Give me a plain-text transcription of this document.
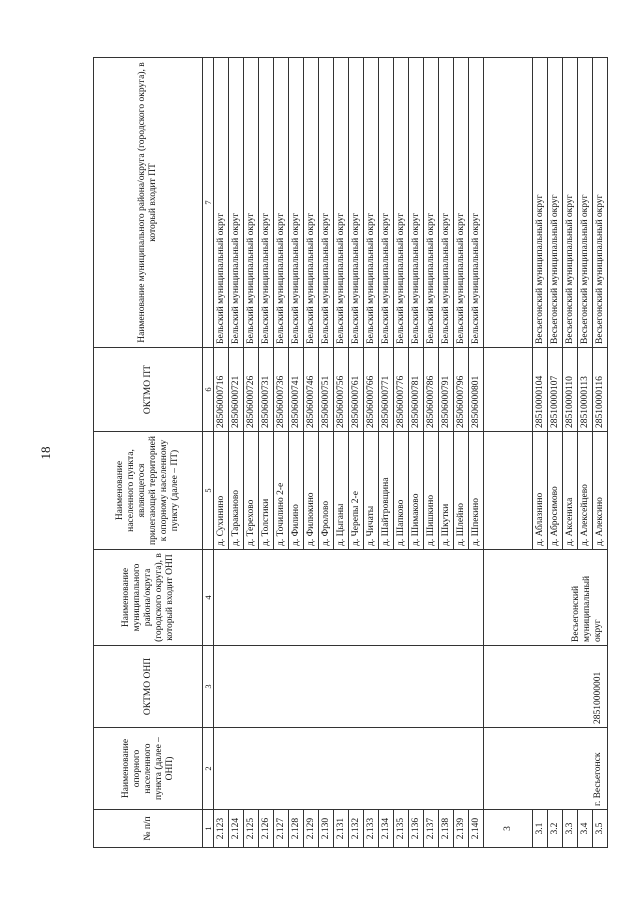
18
№ п/п	Наименование опорного населенного пункта (далее – ОНП)	ОКТМО ОНП	Наименование муниципального района/округа (городского округа), в который входит ОНП	Наименование населенного пункта, являющегося прилегающей территорией к опорному населенному пункту (далее – ПТ)	ОКТМО ПТ	Наименование муниципального района/округа (городского округа), в который входит ПТ
1	2	3	4	5	6	7
2.123				д. Сухинино	28506000716	Бельский муниципальный округ
2.124				д. Тараканово	28506000721	Бельский муниципальный округ
2.125				д. Терехово	28506000726	Бельский муниципальный округ
2.126				д. Толстики	28506000731	Бельский муниципальный округ
2.127				д. Точилино 2-е	28506000736	Бельский муниципальный округ
2.128				д. Филино	28506000741	Бельский муниципальный округ
2.129				д. Филюкино	28506000746	Бельский муниципальный округ
2.130				д. Фролово	28506000751	Бельский муниципальный округ
2.131				д. Цыганы	28506000756	Бельский муниципальный округ
2.132				д. Черепы 2-е	28506000761	Бельский муниципальный округ
2.133				д. Чичаты	28506000766	Бельский муниципальный округ
2.134				д. Шайтровщина	28506000771	Бельский муниципальный округ
2.135				д. Шапково	28506000776	Бельский муниципальный округ
2.136				д. Шимаково	28506000781	Бельский муниципальный округ
2.137				д. Шишкино	28506000786	Бельский муниципальный округ
2.138				д. Шкутки	28506000791	Бельский муниципальный округ
2.139				д. Шлейно	28506000796	Бельский муниципальный округ
2.140				д. Шпекино	28506000801	Бельский муниципальный округ
3	г. Весьегонск	28510000001	Весьегонский муниципальный округ			
3.1				д. Аблазнино	28510000104	Весьегонский муниципальный округ
3.2				д. Абросимово	28510000107	Весьегонский муниципальный округ
3.3				д. Аксениха	28510000110	Весьегонский муниципальный округ
3.4				д. Алексейцево	28510000113	Весьегонский муниципальный округ
3.5				д. Алексино	28510000116	Весьегонский муниципальный округ
